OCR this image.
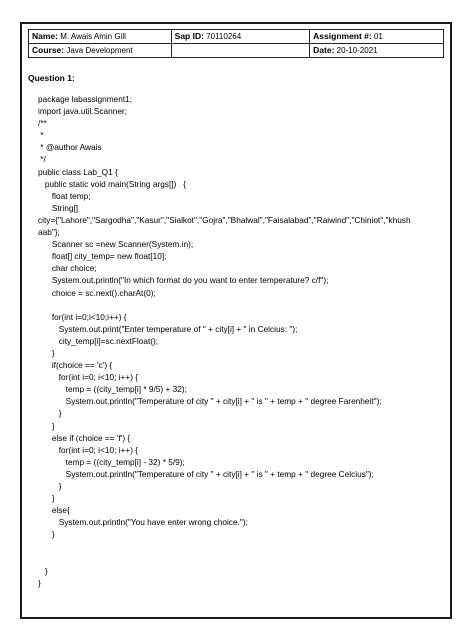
Name: M. Awais Amin Gill	Sap ID: 70110264	Assignment #: 01
Course: Java Development		Date: 20-10-2021
Question 1:
package labassignment1;
import java.util.Scanner;
/**
*
* @author Awais
*/
public class Lab_Q1 {
public static void main(String args[])   {
float temp;
String[]
city={"Lahore","Sargodha","Kasur","Sialkot","Gojra","Bhalwal","Faisalabad","Raiwind","Chiniot","khush
aab"};
Scanner sc =new Scanner(System.in);
float[] city_temp= new float[10];
char choice;
System.out.println("In which format do you want to enter temperature? c/f");
choice = sc.next().charAt(0);
for(int i=0;i<10;i++) {
System.out.print("Enter temperature of " + city[i] + " in Celcius: ");
city_temp[i]=sc.nextFloat();
}
if(choice == 'c') {
for(int i=0; i<10; i++) {
temp = ((city_temp[i] * 9/5) + 32);
System.out.println("Temperature of city " + city[i] + " is " + temp + " degree Farenheit");
}
}
else if (choice == 'f') {
for(int i=0; i<10; i++) {
temp = ((city_temp[i] - 32) * 5/9);
System.out.println("Temperature of city " + city[i] + " is " + temp + " degree Celcius");
}
}
else{
System.out.println("You have enter wrong choice.");
}
}
}
